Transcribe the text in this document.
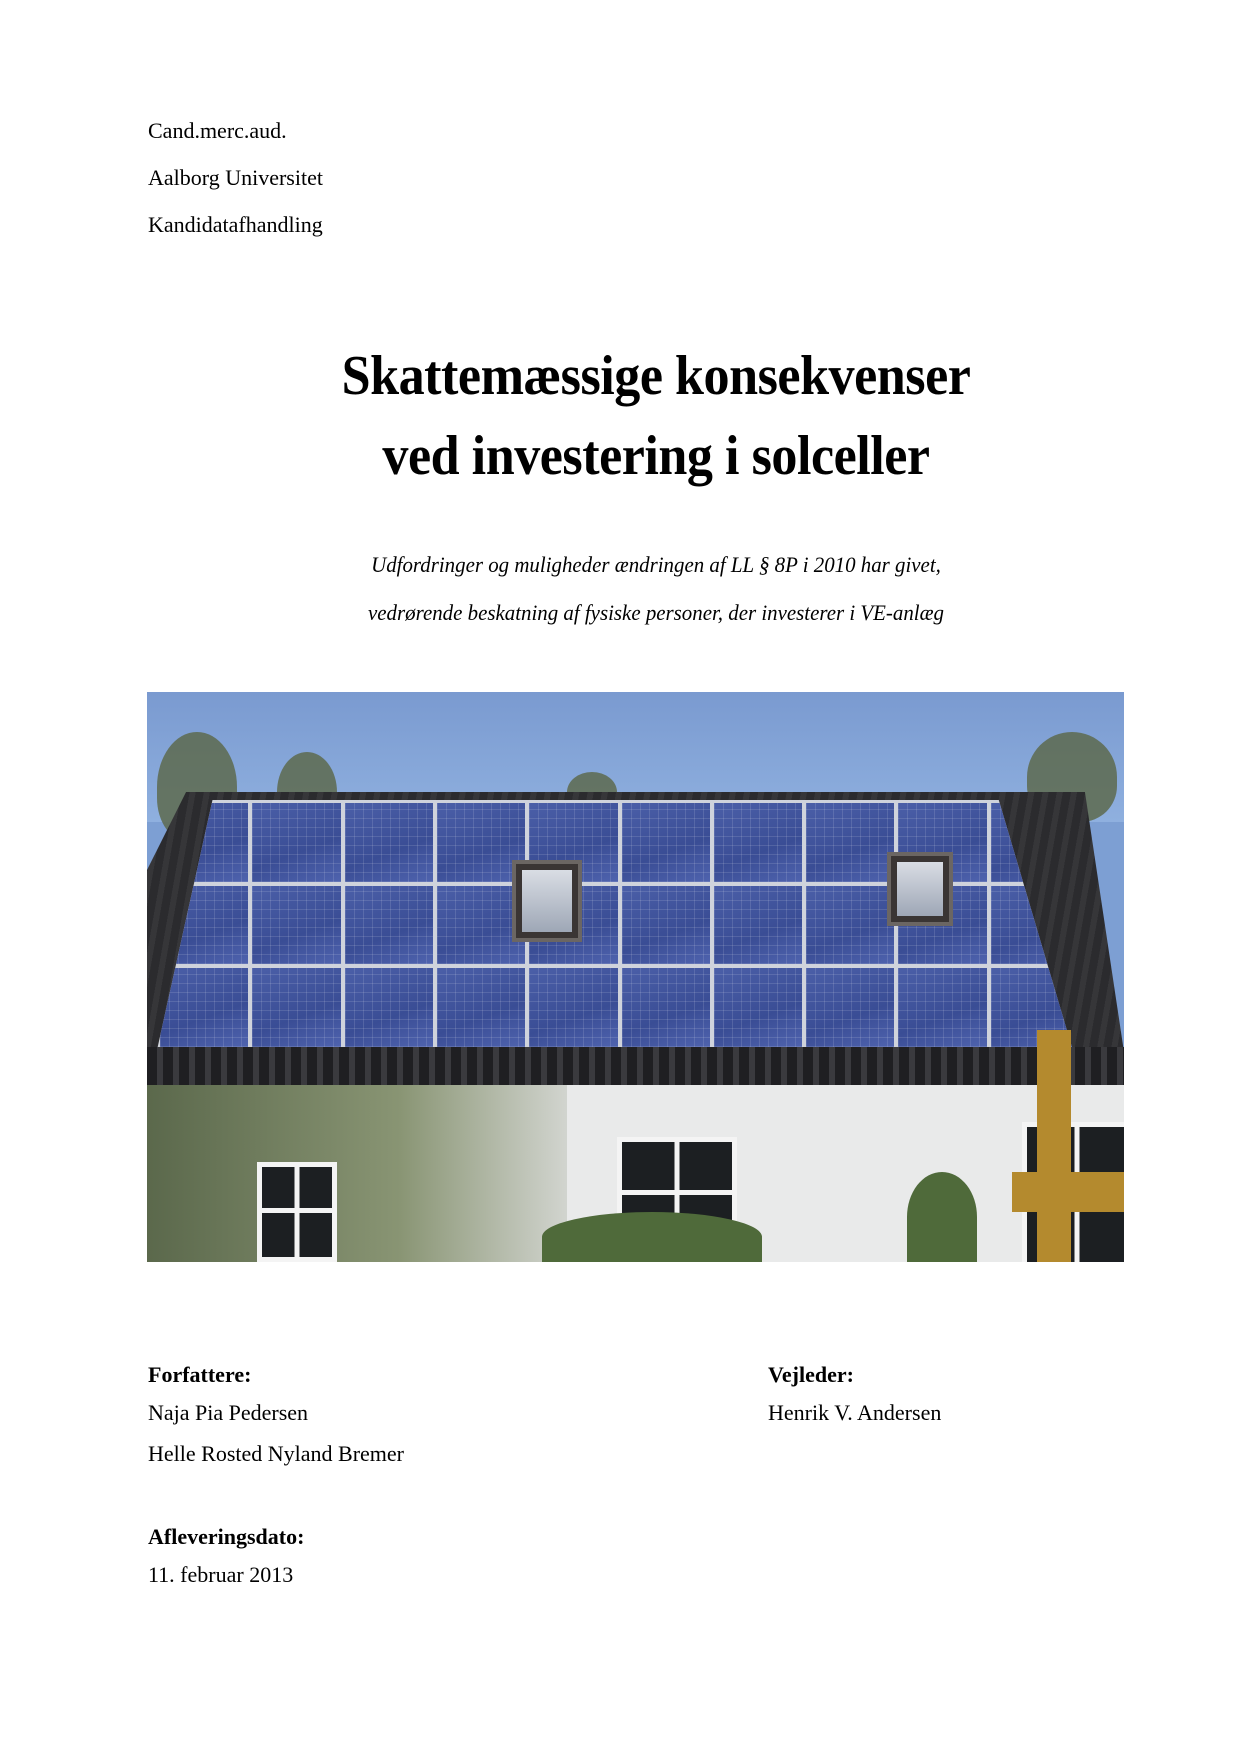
Cand.merc.aud.
Aalborg Universitet
Kandidatafhandling
Skattemæssige konsekvenser
ved investering i solceller
Udfordringer og muligheder ændringen af LL § 8P i 2010 har givet,
vedrørende beskatning af fysiske personer, der investerer i VE-anlæg
Forfattere:
Naja Pia Pedersen
Helle Rosted Nyland Bremer
Vejleder:
Henrik V. Andersen
Afleveringsdato:
11. februar 2013
